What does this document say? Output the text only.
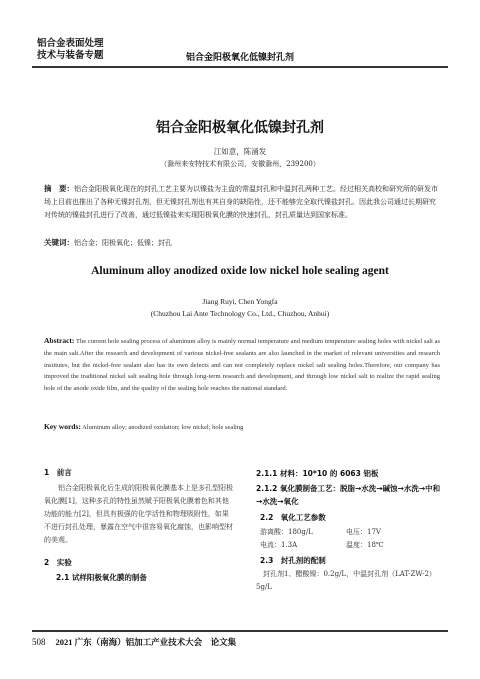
铝合金表面处理
技术与装备专题	铝合金阳极氧化低镍封孔剂
铝合金阳极氧化低镍封孔剂
江如意，陈涌发
（滁州来安特技术有限公司，安徽滁州，239200）
摘　要：铝合金阳极氧化现在的封孔工艺主要为以镍盐为主盘的常温封孔和中温封孔两种工艺。经过相关高校和研究所的研发市场上目前也推出了各种无镍封孔剂，但无镍封孔剂也有其自身的缺陷性，还不能够完全取代镍盐封孔。因此我公司通过长期研究对传统的镍盐封孔进行了改善，通过低镍盐来实现阳极氧化膜的快速封孔，封孔质量达到国家标准。
关键词：铝合金；阳极氧化；低镍；封孔
Aluminum alloy anodized oxide low nickel hole sealing agent
Jiang Ruyi, Chen Yongfa
(Chuzhou Lai Ante Technology Co., Ltd., Chuzhou, Anhui)
Abstract: The current hole sealing process of aluminum alloy is mainly normal temperature and medium temperature sealing holes with nickel salt as the main salt.After the research and development of various nickel-free sealants are also launched in the market of relevant universities and research institutes, but the nickel-free sealant also has its own defects and can not completely replace nickel salt sealing holes.Therefore, our company has improved the traditional nickel salt sealing hole through long-term research and development, and through low nickel salt to realize the rapid sealing hole of the anode oxide film, and the quality of the sealing hole reaches the national standard.
Key words: Aluminum alloy; anodized oxidation; low nickel; hole sealing
1　前言
铝合金阳极氧化后生成的阳极氧化膜基本上是多孔型阳极氧化膜[1]，这种多孔的特性虽然赋予阳极氧化膜着色和其他功能的能力[2]，但具有极强的化学活性和物理吸附性，如果不进行封孔处理，暴露在空气中很容易氧化腐蚀，也影响型材的美观。
2　实验
2.1 试样阳极氧化膜的制备
2.1.1 材料：10*10 的 6063 铝板
2.1.2 氧化膜制备工艺：脱脂→水洗→碱蚀→水洗→中和→水洗→氧化
2.2　氧化工艺参数
游离酸：180g/L	电压：17V
电流：1.3A	温度：18℃
2.3　封孔剂的配制
封孔剂1、醋酸镍：0.2g/L，中温封孔剂（LAT-ZW-2）5g/L
508 2021 广东（南海）铝加工产业技术大会　论文集
